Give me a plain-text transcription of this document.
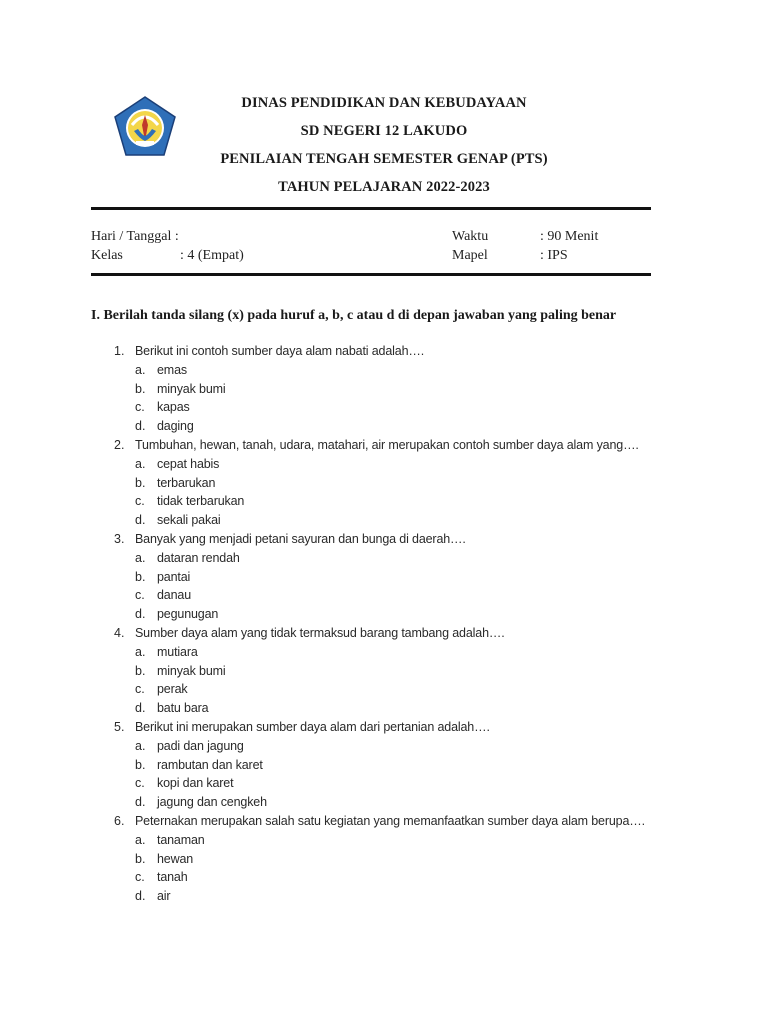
DINAS PENDIDIKAN DAN KEBUDAYAAN
SD NEGERI 12 LAKUDO
PENILAIAN TENGAH SEMESTER GENAP (PTS)
TAHUN PELAJARAN 2022-2023
Hari / Tanggal :
Kelas	: 4 (Empat)
Waktu	: 90 Menit
Mapel	: IPS
I. Berilah tanda silang (x) pada huruf a, b, c atau d di depan jawaban yang paling benar
1. Berikut ini contoh sumber daya alam nabati adalah….
a. emas
b. minyak bumi
c. kapas
d. daging
2. Tumbuhan, hewan, tanah, udara, matahari, air merupakan contoh sumber daya alam yang….
a. cepat habis
b. terbarukan
c. tidak terbarukan
d. sekali pakai
3. Banyak yang menjadi petani sayuran dan bunga di daerah….
a. dataran rendah
b. pantai
c. danau
d. pegunugan
4. Sumber daya alam yang tidak termaksud barang tambang adalah….
a. mutiara
b. minyak bumi
c. perak
d. batu bara
5. Berikut ini merupakan sumber daya alam dari pertanian adalah….
a. padi dan jagung
b. rambutan dan karet
c. kopi dan karet
d. jagung dan cengkeh
6. Peternakan merupakan salah satu kegiatan yang memanfaatkan sumber daya alam berupa….
a. tanaman
b. hewan
c. tanah
d. air
